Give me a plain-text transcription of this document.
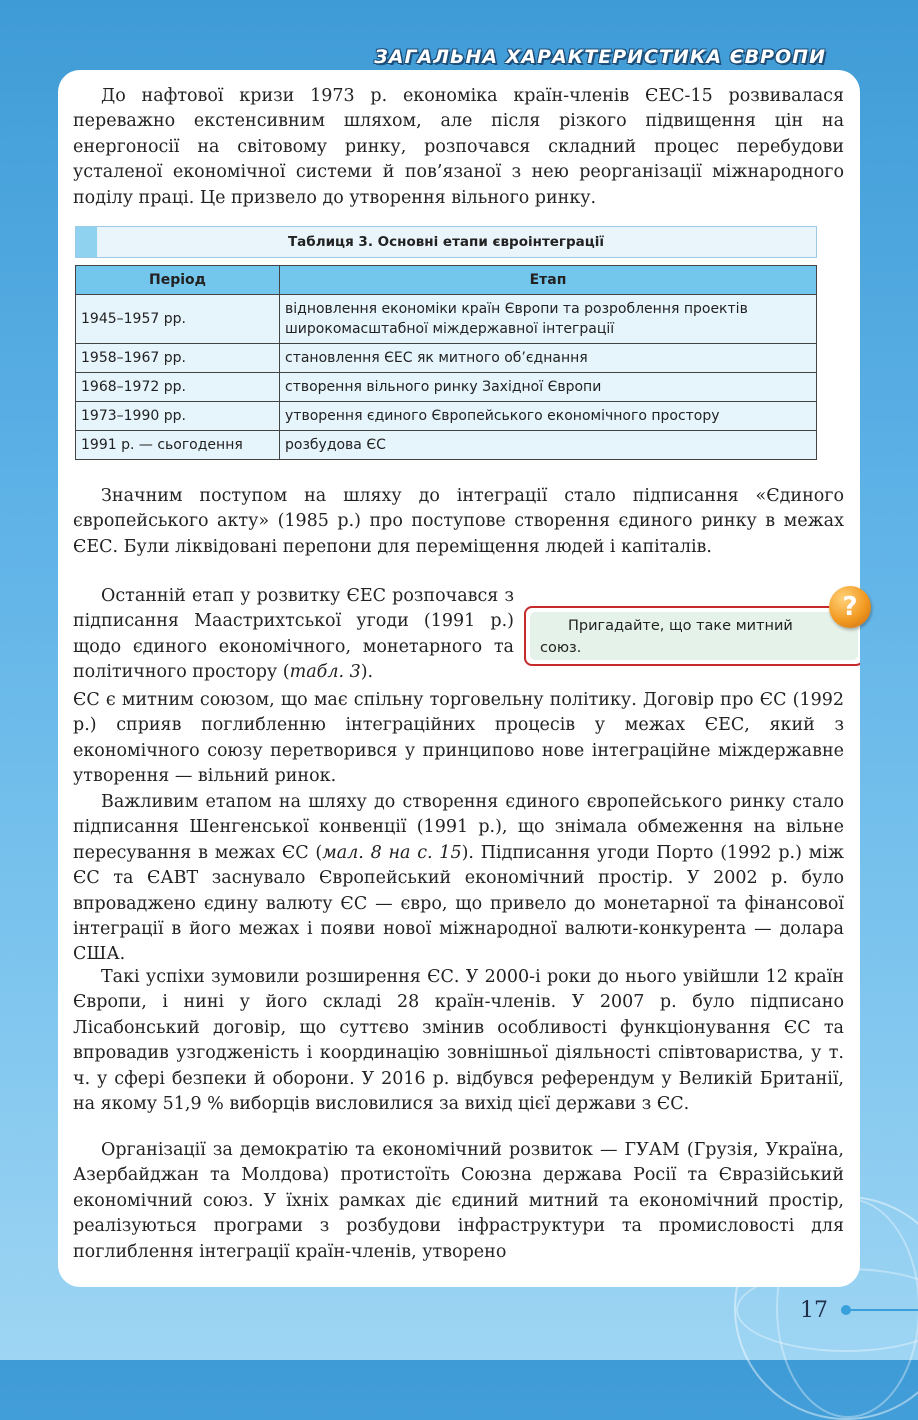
ЗАГАЛЬНА ХАРАКТЕРИСТИКА ЄВРОПИ

До нафтової кризи 1973 р. економіка країн-членів ЄЕС-15 розвивалася переважно екстенсивним шляхом, але після різкого підвищення цін на енергоносії на світовому ринку, розпочався складний процес перебудови усталеної економічної системи й пов’язаної з нею реорганізації міжнародного поділу праці. Це призвело до утворення вільного ринку.

Таблиця 3. Основні етапи євроінтеграції
Період	Етап
1945–1957 рр.	відновлення економіки країн Європи та розроблення проектів широкомасштабної міждержавної інтеграції
1958–1967 рр.	становлення ЄЕС як митного об’єднання
1968–1972 рр.	створення вільного ринку Західної Європи
1973–1990 рр.	утворення єдиного Європейського економічного простору
1991 р. — сьогодення	розбудова ЄС

Значним поступом на шляху до інтеграції стало підписання «Єдиного європейського акту» (1985 р.) про поступове створення єдиного ринку в межах ЄЕС. Були ліквідовані перепони для переміщення людей і капіталів.

Останній етап у розвитку ЄЕС розпочався з підписання Маастрихтської угоди (1991 р.) щодо єдиного економічного, монетарного та політичного простору (табл. 3).

Пригадайте, що таке митний союз.

ЄС є митним союзом, що має спільну торговельну політику. Договір про ЄС (1992 р.) сприяв поглибленню інтеграційних процесів у межах ЄЕС, який з економічного союзу перетворився у принципово нове інтеграційне міждержавне утворення — вільний ринок.

Важливим етапом на шляху до створення єдиного європейського ринку стало підписання Шенгенської конвенції (1991 р.), що знімала обмеження на вільне пересування в межах ЄС (мал. 8 на с. 15). Підписання угоди Порто (1992 р.) між ЄС та ЄАВТ заснувало Європейський економічний простір. У 2002 р. було впроваджено єдину валюту ЄС — євро, що привело до монетарної та фінансової інтеграції в його межах і появи нової міжнародної валюти-конкурента — долара США.

Такі успіхи зумовили розширення ЄС. У 2000-і роки до нього увійшли 12 країн Європи, і нині у його складі 28 країн-членів. У 2007 р. було підписано Лісабонський договір, що суттєво змінив особливості функціонування ЄС та впровадив узгодженість і координацію зовнішньої діяльності співтовариства, у т. ч. у сфері безпеки й оборони. У 2016 р. відбувся референдум у Великій Британії, на якому 51,9 % виборців висловилися за вихід цієї держави з ЄС.

Організації за демократію та економічний розвиток — ГУАМ (Грузія, Україна, Азербайджан та Молдова) протистоїть Союзна держава Росії та Євразійський економічний союз. У їхніх рамках діє єдиний митний та економічний простір, реалізуються програми з розбудови інфраструктури та промисловості для поглиблення інтеграції країн-членів, утворено

?
17
